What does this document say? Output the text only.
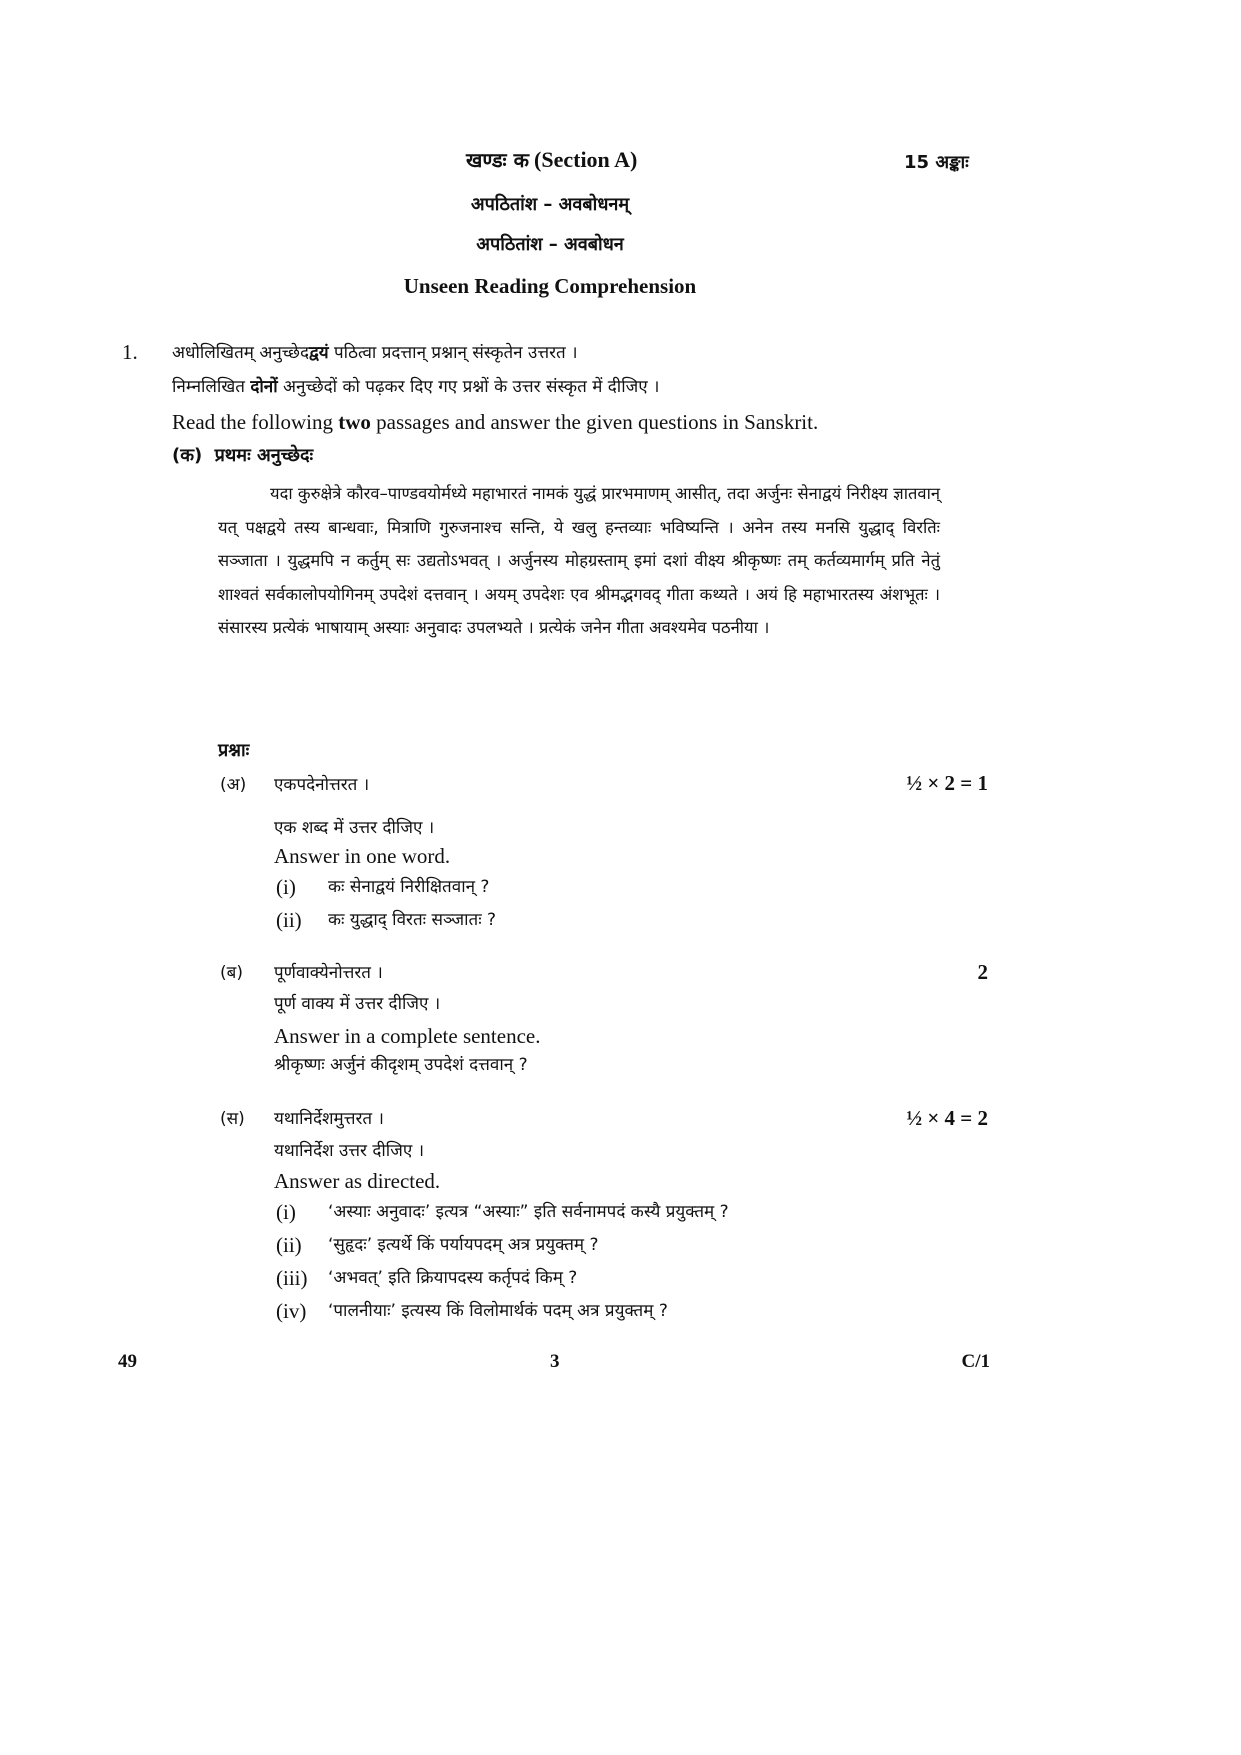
खण्डः क (Section A)	15 अङ्काः
अपठितांश – अवबोधनम्
अपठितांश – अवबोधन
Unseen Reading Comprehension
1. अधोलिखितम् अनुच्छेदद्वयं पठित्वा प्रदत्तान् प्रश्नान् संस्कृतेन उत्तरत ।
निम्नलिखित दोनों अनुच्छेदों को पढ़कर दिए गए प्रश्नों के उत्तर संस्कृत में दीजिए ।
Read the following two passages and answer the given questions in Sanskrit.
(क) प्रथमः अनुच्छेदः
यदा कुरुक्षेत्रे कौरव–पाण्डवयोर्मध्ये महाभारतं नामकं युद्धं प्रारभमाणम् आसीत्, तदा अर्जुनः सेनाद्वयं निरीक्ष्य ज्ञातवान् यत् पक्षद्वये तस्य बान्धवाः, मित्राणि गुरुजनाश्च सन्ति, ये खलु हन्तव्याः भविष्यन्ति । अनेन तस्य मनसि युद्धाद् विरतिः सञ्जाता । युद्धमपि न कर्तुम् सः उद्यतोऽभवत् । अर्जुनस्य मोहग्रस्ताम् इमां दशां वीक्ष्य श्रीकृष्णः तम् कर्तव्यमार्गम् प्रति नेतुं शाश्वतं सर्वकालोपयोगिनम् उपदेशं दत्तवान् । अयम् उपदेशः एव श्रीमद्भगवद् गीता कथ्यते । अयं हि महाभारतस्य अंशभूतः । संसारस्य प्रत्येकं भाषायाम् अस्याः अनुवादः उपलभ्यते । प्रत्येकं जनेन गीता अवश्यमेव पठनीया ।
प्रश्नाः
(अ) एकपदेनोत्तरत ।	½ × 2 = 1
एक शब्द में उत्तर दीजिए ।
Answer in one word.
(i) कः सेनाद्वयं निरीक्षितवान् ?
(ii) कः युद्धाद् विरतः सञ्जातः ?
(ब) पूर्णवाक्येनोत्तरत ।	2
पूर्ण वाक्य में उत्तर दीजिए ।
Answer in a complete sentence.
श्रीकृष्णः अर्जुनं कीदृशम् उपदेशं दत्तवान् ?
(स) यथानिर्देशमुत्तरत ।	½ × 4 = 2
यथानिर्देश उत्तर दीजिए ।
Answer as directed.
(i) ‘अस्याः अनुवादः’ इत्यत्र “अस्याः” इति सर्वनामपदं कस्यै प्रयुक्तम् ?
(ii) ‘सुहृदः’ इत्यर्थे किं पर्यायपदम् अत्र प्रयुक्तम् ?
(iii) ‘अभवत्’ इति क्रियापदस्य कर्तृपदं किम् ?
(iv) ‘पालनीयाः’ इत्यस्य किं विलोमार्थकं पदम् अत्र प्रयुक्तम् ?
49	3	C/1
